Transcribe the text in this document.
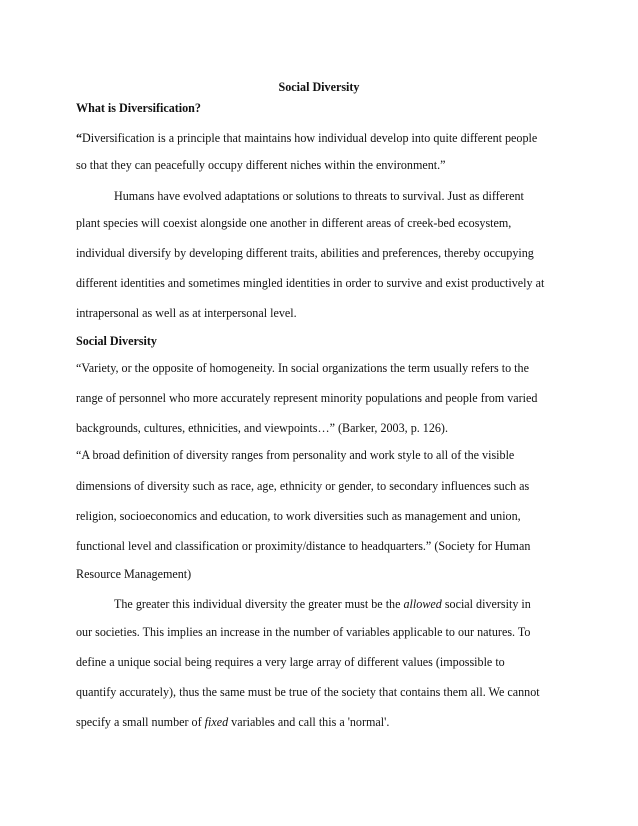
Social Diversity
What is Diversification?
“Diversification is a principle that maintains how individual develop into quite different people
so that they can peacefully occupy different niches within the environment.”
Humans have evolved adaptations or solutions to threats to survival. Just as different
plant species will coexist alongside one another in different areas of creek-bed ecosystem,
individual diversify by developing different traits, abilities and preferences, thereby occupying
different identities and sometimes mingled identities in order to survive and exist productively at
intrapersonal as well as at interpersonal level.
Social Diversity
“Variety, or the opposite of homogeneity. In social organizations the term usually refers to the
range of personnel who more accurately represent minority populations and people from varied
backgrounds, cultures, ethnicities, and viewpoints…” (Barker, 2003, p. 126).
“A broad definition of diversity ranges from personality and work style to all of the visible
dimensions of diversity such as race, age, ethnicity or gender, to secondary influences such as
religion, socioeconomics and education, to work diversities such as management and union,
functional level and classification or proximity/distance to headquarters.” (Society for Human
Resource Management)
The greater this individual diversity the greater must be the allowed social diversity in
our societies. This implies an increase in the number of variables applicable to our natures. To
define a unique social being requires a very large array of different values (impossible to
quantify accurately), thus the same must be true of the society that contains them all. We cannot
specify a small number of fixed variables and call this a 'normal'.
